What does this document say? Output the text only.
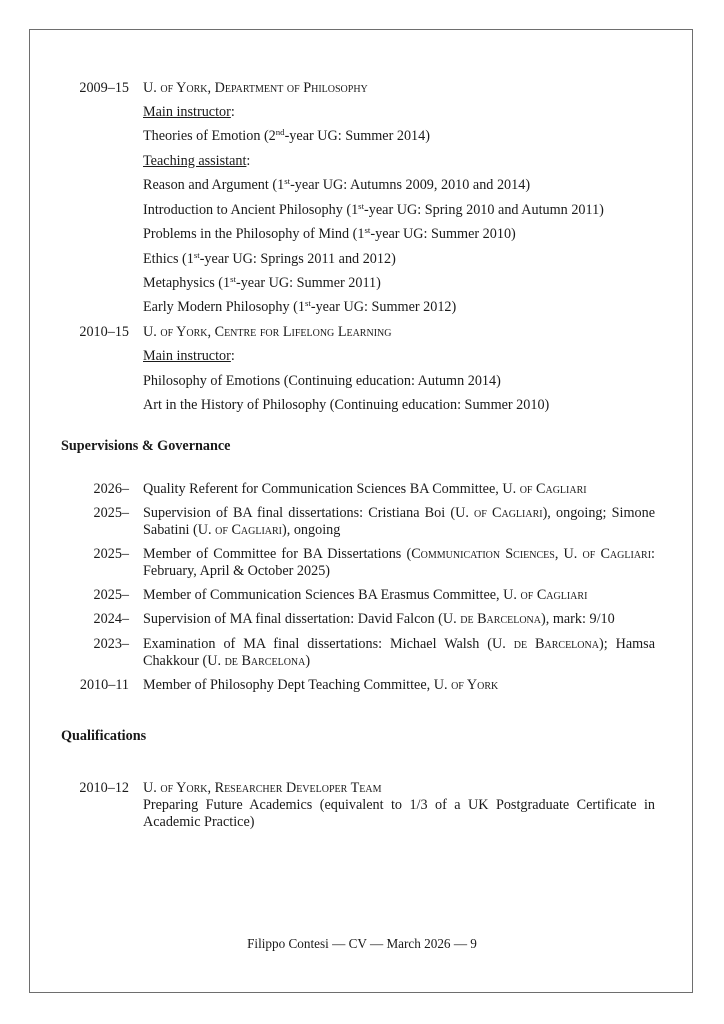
2009–15 U. of York, Department of Philosophy
Main instructor:
Theories of Emotion (2nd-year UG: Summer 2014)
Teaching assistant:
Reason and Argument (1st-year UG: Autumns 2009, 2010 and 2014)
Introduction to Ancient Philosophy (1st-year UG: Spring 2010 and Autumn 2011)
Problems in the Philosophy of Mind (1st-year UG: Summer 2010)
Ethics (1st-year UG: Springs 2011 and 2012)
Metaphysics (1st-year UG: Summer 2011)
Early Modern Philosophy (1st-year UG: Summer 2012)
2010–15 U. of York, Centre for Lifelong Learning
Main instructor:
Philosophy of Emotions (Continuing education: Autumn 2014)
Art in the History of Philosophy (Continuing education: Summer 2010)
Supervisions & Governance
2026– Quality Referent for Communication Sciences BA Committee, U. of Cagliari
2025– Supervision of BA final dissertations: Cristiana Boi (U. of Cagliari), ongoing; Simone Sabatini (U. of Cagliari), ongoing
2025– Member of Committee for BA Dissertations (Communication Sciences, U. of Cagliari: February, April & October 2025)
2025– Member of Communication Sciences BA Erasmus Committee, U. of Cagliari
2024– Supervision of MA final dissertation: David Falcon (U. de Barcelona), mark: 9/10
2023– Examination of MA final dissertations: Michael Walsh (U. de Barcelona); Hamsa Chakkour (U. de Barcelona)
2010–11 Member of Philosophy Dept Teaching Committee, U. of York
Qualifications
2010–12 U. of York, Researcher Developer Team
Preparing Future Academics (equivalent to 1/3 of a UK Postgraduate Certificate in Academic Practice)
Filippo Contesi — CV — March 2026 — 9
